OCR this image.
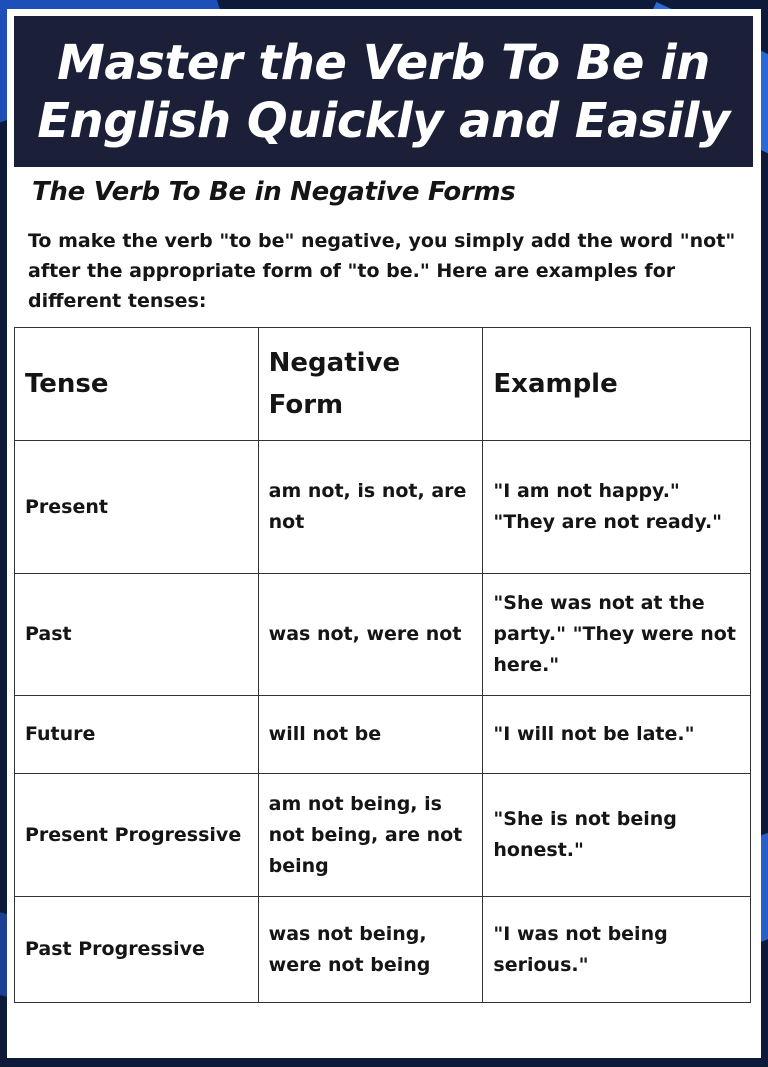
Master the Verb To Be in
English Quickly and Easily
The Verb To Be in Negative Forms
To make the verb "to be" negative, you simply add the word "not" after the appropriate form of "to be." Here are examples for different tenses:
Tense	Negative Form	Example
Present	am not, is not, are not	"I am not happy." "They are not ready."
Past	was not, were not	"She was not at the party." "They were not here."
Future	will not be	"I will not be late."
Present Progressive	am not being, is not being, are not being	"She is not being honest."
Past Progressive	was not being, were not being	"I was not being serious."
